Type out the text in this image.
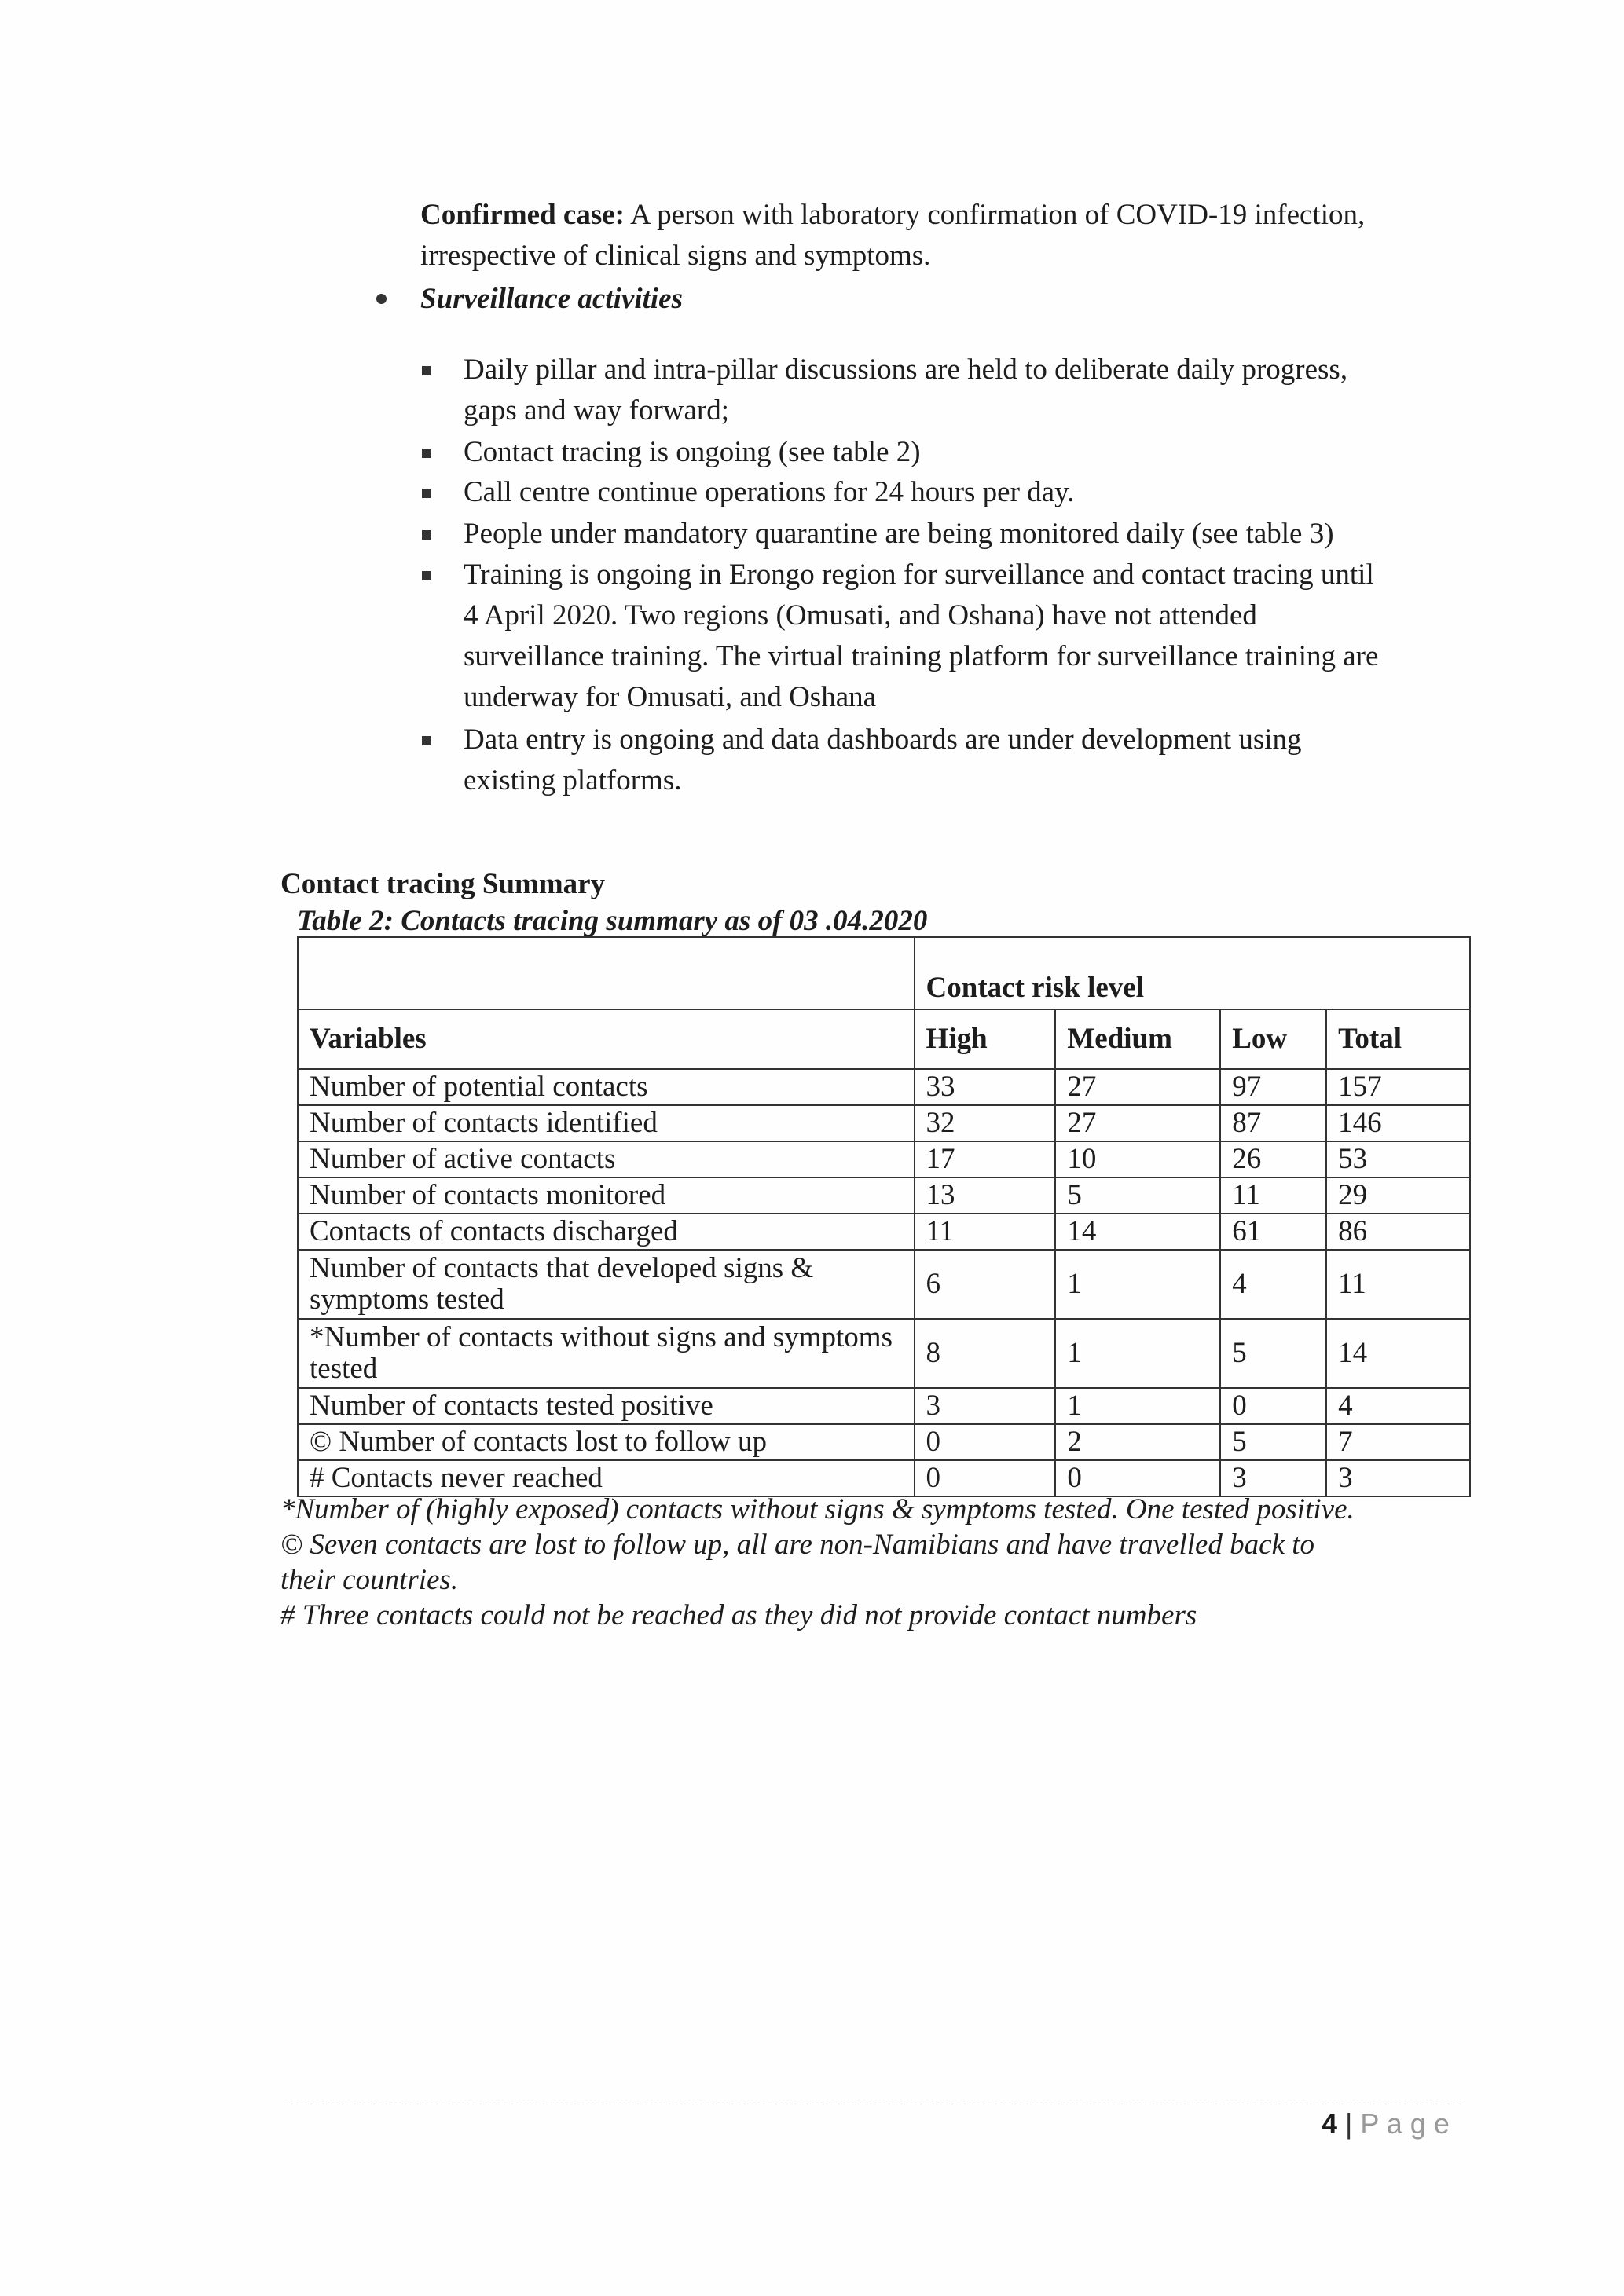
Confirmed case: A person with laboratory confirmation of COVID-19 infection,
irrespective of clinical signs and symptoms.
Surveillance activities
Daily pillar and intra-pillar discussions are held to deliberate daily progress,
gaps and way forward;
Contact tracing is ongoing (see table 2)
Call centre continue operations for 24 hours per day.
People under mandatory quarantine are being monitored daily (see table 3)
Training is ongoing in Erongo region for surveillance and contact tracing until
4 April 2020. Two regions (Omusati, and Oshana) have not attended
surveillance training. The virtual training platform for surveillance training are
underway for Omusati, and Oshana
Data entry is ongoing and data dashboards are under development using
existing platforms.
Contact tracing Summary
Table 2: Contacts tracing summary as of 03 .04.2020
	Contact risk level			
Variables	High	Medium	Low	Total
Number of potential contacts	33	27	97	157
Number of contacts identified	32	27	87	146
Number of active contacts	17	10	26	53
Number of contacts monitored	13	5	11	29
Contacts of contacts discharged	11	14	61	86
Number of contacts that developed signs & symptoms tested	6	1	4	11
*Number of contacts without signs and symptoms tested	8	1	5	14
Number of contacts tested positive	3	1	0	4
© Number of contacts lost to follow up	0	2	5	7
# Contacts never reached	0	0	3	3
*Number of (highly exposed) contacts without signs & symptoms tested. One tested positive.
© Seven contacts are lost to follow up, all are non-Namibians and have travelled back to
their countries.
# Three contacts could not be reached as they did not provide contact numbers
4 | P a g e
